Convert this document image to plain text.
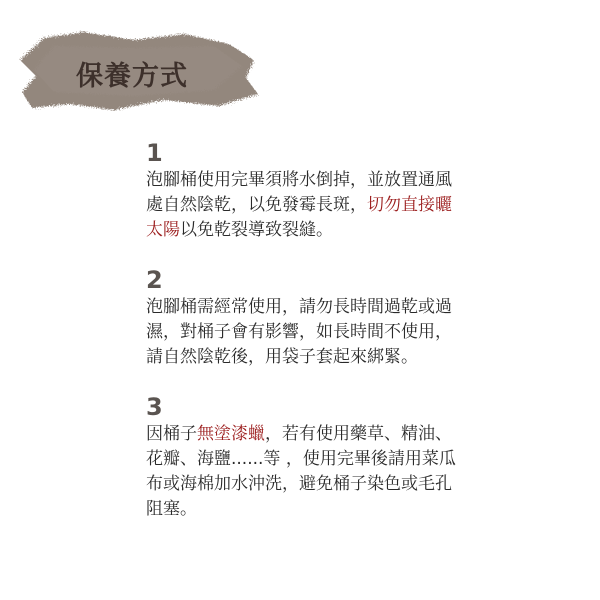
保養方式
1
泡腳桶使用完畢須將水倒掉，並放置通風處自然陰乾，以免發霉長斑，切勿直接曬太陽以免乾裂導致裂縫。
2
泡腳桶需經常使用，請勿長時間過乾或過濕，對桶子會有影響，如長時間不使用，請自然陰乾後，用袋子套起來綁緊。
3
因桶子無塗漆蠟，若有使用藥草、精油、花瓣、海鹽......等 ，使用完畢後請用菜瓜布或海棉加水沖洗，避免桶子染色或毛孔阻塞。
